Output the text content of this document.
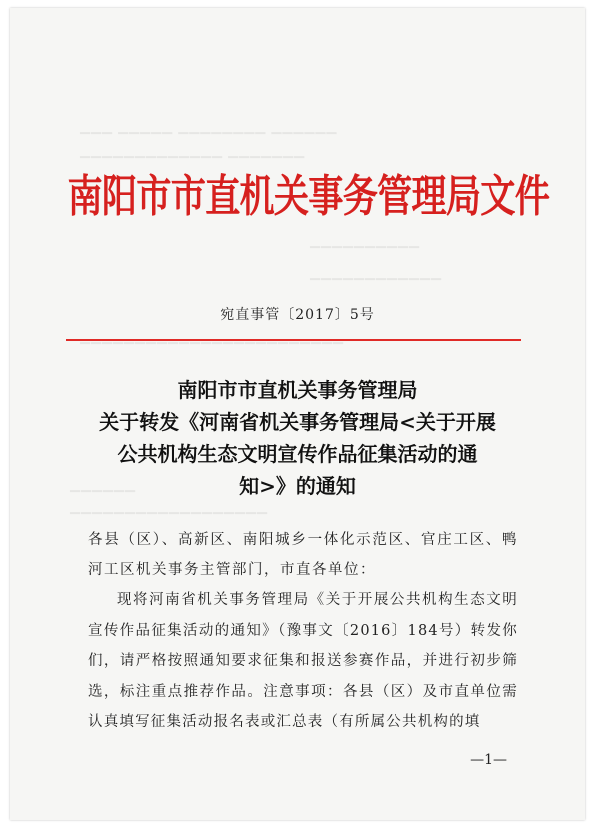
▁▁▁ ▁▁▁▁▁ ▁▁▁▁▁▁▁▁ ▁▁▁▁▁▁
▁▁▁▁▁▁▁▁▁▁▁▁▁ ▁▁▁▁▁▁▁
▁▁▁▁▁▁▁▁▁▁
▁▁▁▁▁▁▁▁▁▁▁▁
▁▁▁▁▁▁▁▁▁▁▁▁▁▁▁▁▁▁▁▁▁▁▁▁
▁▁▁▁▁▁
▁▁▁▁▁▁▁▁▁▁▁▁▁▁▁▁▁▁
南阳市市直机关事务管理局文件
宛直事管〔2017〕5号
南阳市市直机关事务管理局
关于转发《河南省机关事务管理局<关于开展
公共机构生态文明宣传作品征集活动的通
知>》的通知
各县（区）、高新区、南阳城乡一体化示范区、官庄工区、鸭河工区机关事务主管部门，市直各单位：
现将河南省机关事务管理局《关于开展公共机构生态文明宣传作品征集活动的通知》（豫事文〔2016〕184号）转发你们，请严格按照通知要求征集和报送参赛作品，并进行初步筛选，标注重点推荐作品。注意事项：各县（区）及市直单位需认真填写征集活动报名表或汇总表（有所属公共机构的填
—1—
